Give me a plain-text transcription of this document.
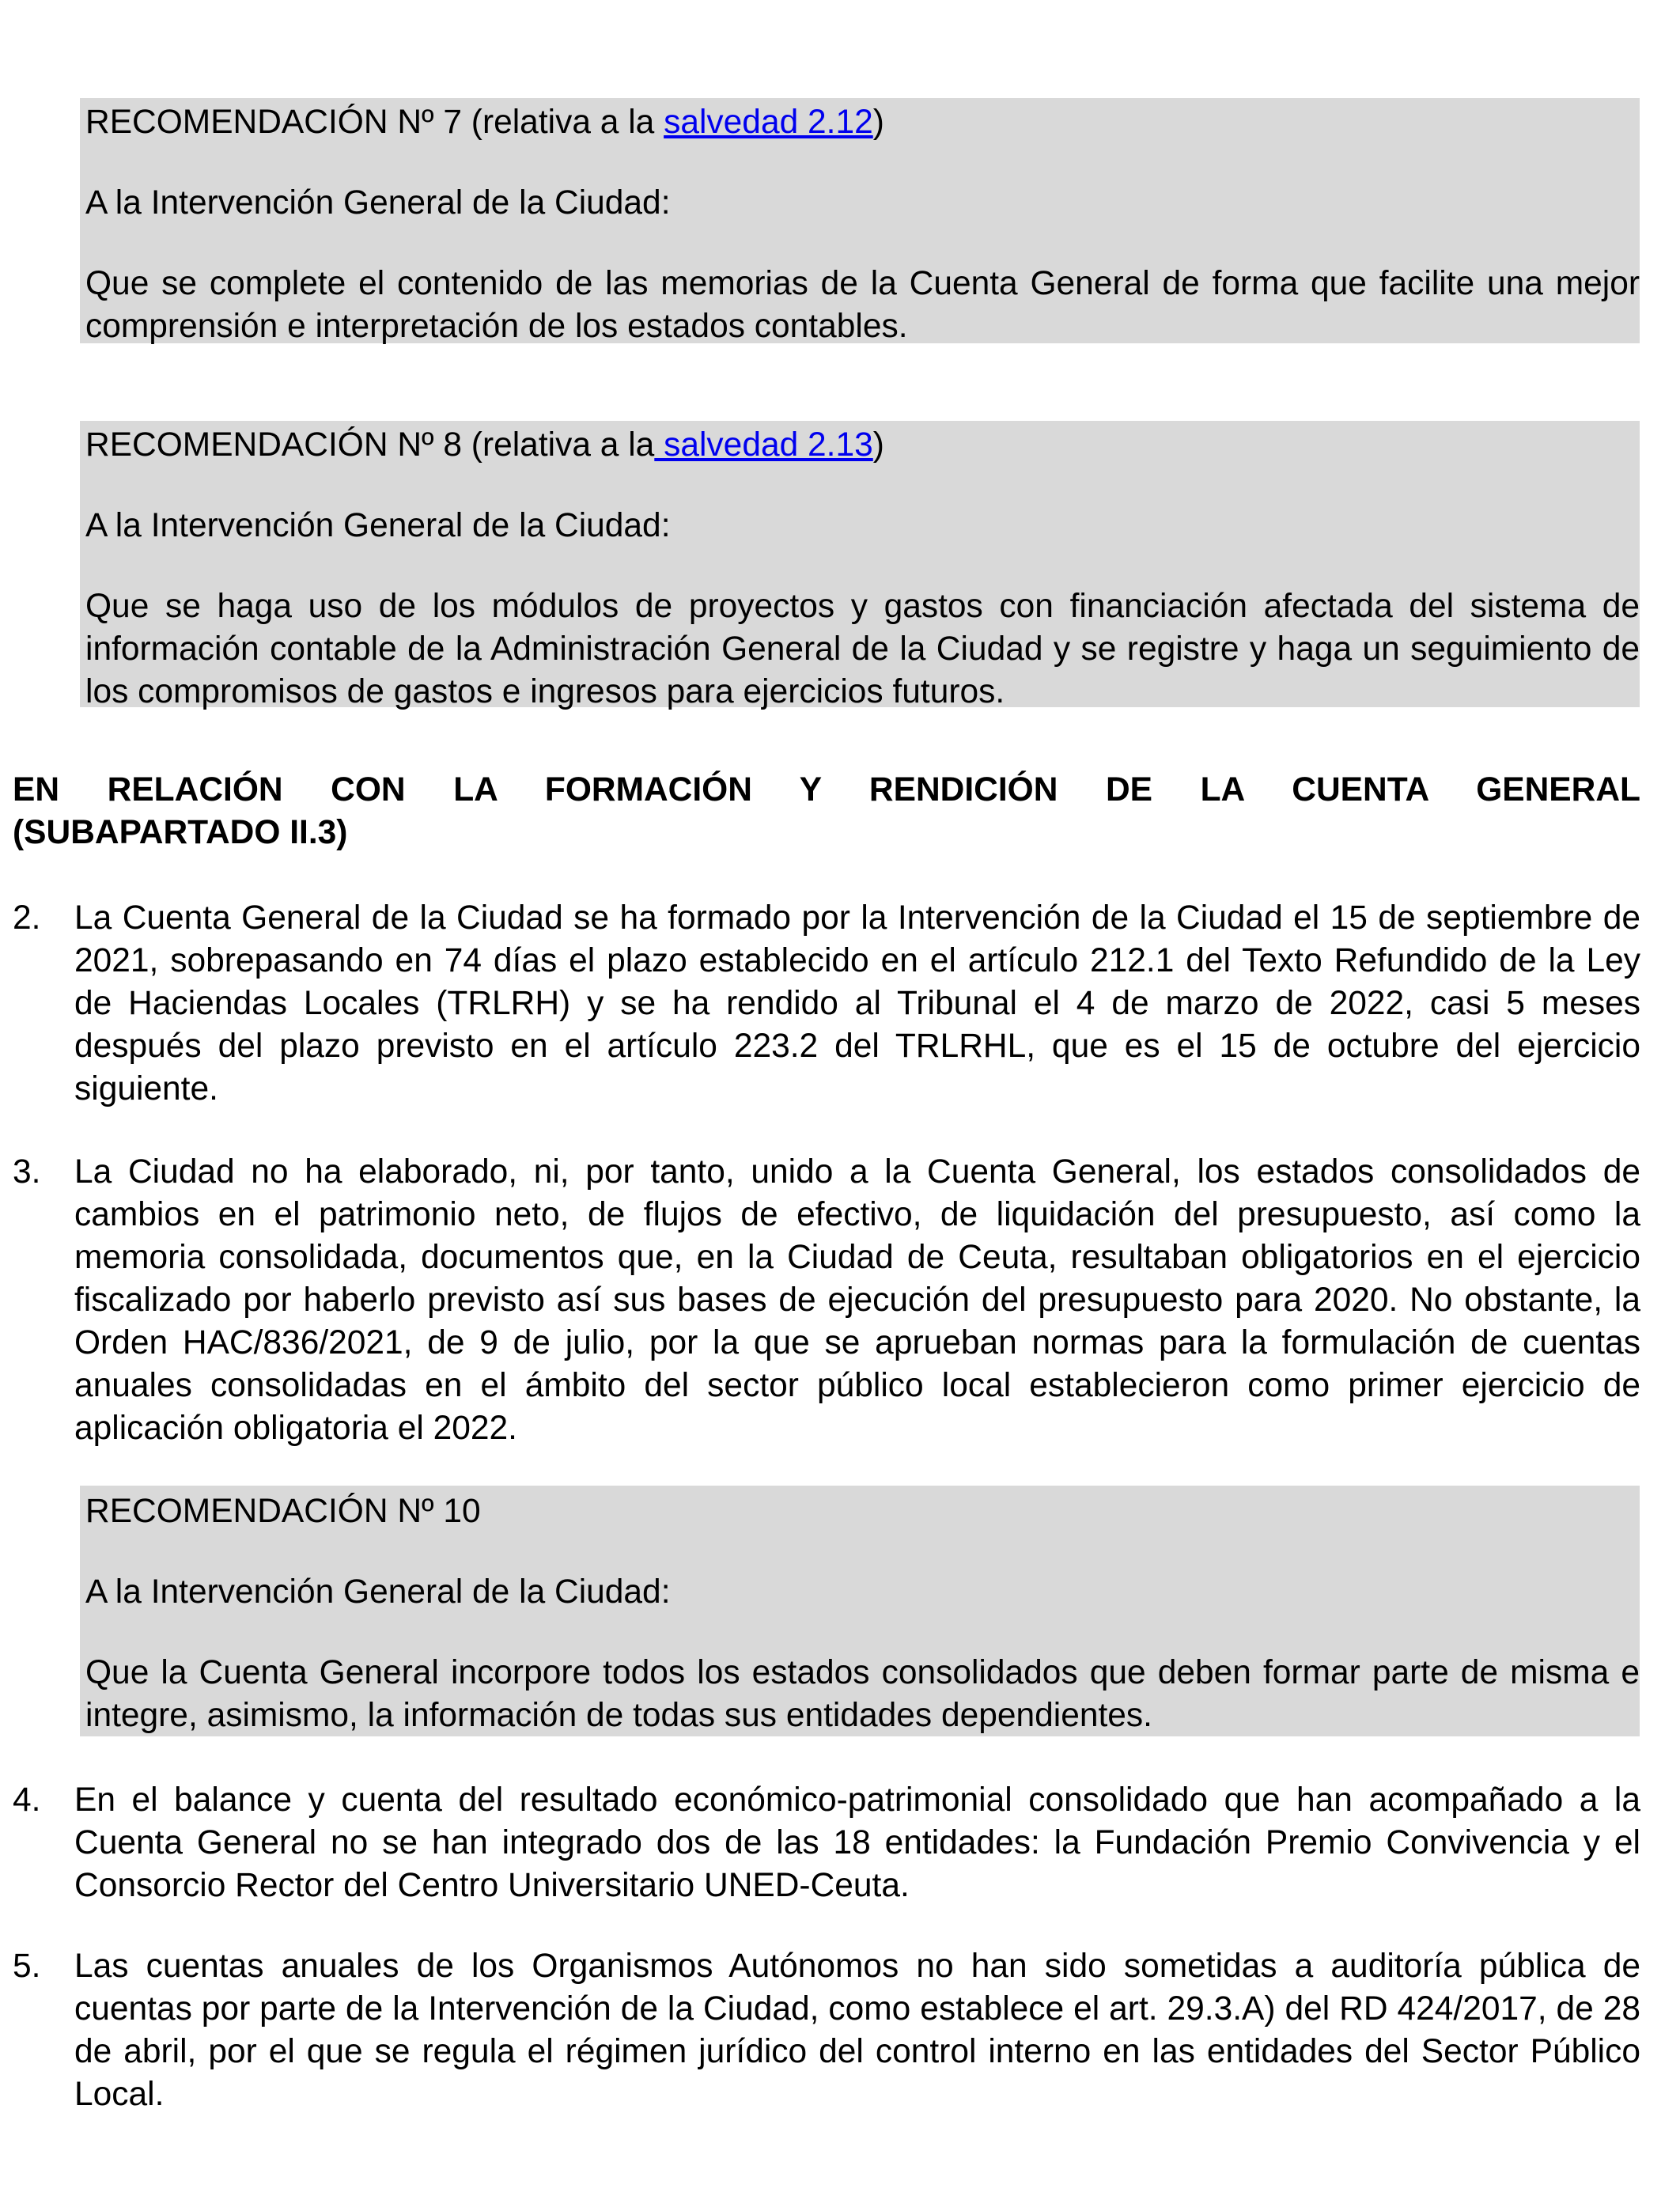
RECOMENDACIÓN Nº 7 (relativa a la salvedad 2.12)

A la Intervención General de la Ciudad:

Que se complete el contenido de las memorias de la Cuenta General de forma que facilite una mejor comprensión e interpretación de los estados contables.

RECOMENDACIÓN Nº 8 (relativa a la salvedad 2.13)

A la Intervención General de la Ciudad:

Que se haga uso de los módulos de proyectos y gastos con financiación afectada del sistema de información contable de la Administración General de la Ciudad y se registre y haga un seguimiento de los compromisos de gastos e ingresos para ejercicios futuros.

EN RELACIÓN CON LA FORMACIÓN Y RENDICIÓN DE LA CUENTA GENERAL
(SUBAPARTADO II.3)
2. La Cuenta General de la Ciudad se ha formado por la Intervención de la Ciudad el 15 de septiembre de 2021, sobrepasando en 74 días el plazo establecido en el artículo 212.1 del Texto Refundido de la Ley de Haciendas Locales (TRLRH) y se ha rendido al Tribunal el 4 de marzo de 2022, casi 5 meses después del plazo previsto en el artículo 223.2 del TRLRHL, que es el 15 de octubre del ejercicio siguiente.
3. La Ciudad no ha elaborado, ni, por tanto, unido a la Cuenta General, los estados consolidados de cambios en el patrimonio neto, de flujos de efectivo, de liquidación del presupuesto, así como la memoria consolidada, documentos que, en la Ciudad de Ceuta, resultaban obligatorios en el ejercicio fiscalizado por haberlo previsto así sus bases de ejecución del presupuesto para 2020. No obstante, la Orden HAC/836/2021, de 9 de julio, por la que se aprueban normas para la formulación de cuentas anuales consolidadas en el ámbito del sector público local establecieron como primer ejercicio de aplicación obligatoria el 2022.

RECOMENDACIÓN Nº 10

A la Intervención General de la Ciudad:

Que la Cuenta General incorpore todos los estados consolidados que deben formar parte de misma e integre, asimismo, la información de todas sus entidades dependientes.

4. En el balance y cuenta del resultado económico-patrimonial consolidado que han acompañado a la Cuenta General no se han integrado dos de las 18 entidades: la Fundación Premio Convivencia y el Consorcio Rector del Centro Universitario UNED-Ceuta.
5. Las cuentas anuales de los Organismos Autónomos no han sido sometidas a auditoría pública de cuentas por parte de la Intervención de la Ciudad, como establece el art. 29.3.A) del RD 424/2017, de 28 de abril, por el que se regula el régimen jurídico del control interno en las entidades del Sector Público Local.
